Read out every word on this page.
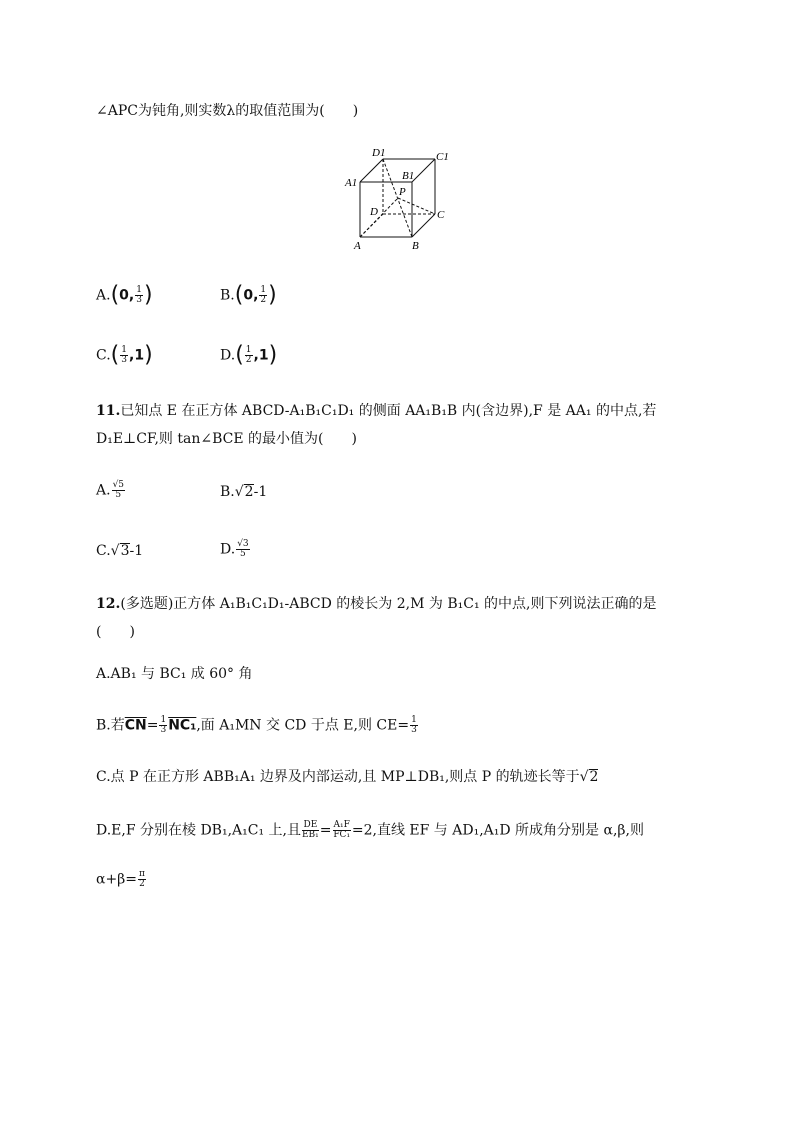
∠APC为钝角,则实数λ的取值范围为(　　)
A	B
C
D
A1
B1
C1
D1
P
A.(0, $\frac{1}{3}$ )	B.(0, $\frac{1}{2}$ )
$C.( \frac{1}{3} ,1)$	$D.( \frac{1}{2} ,1)$
11.已知点 E 在正方体 ABCD-A₁B₁C₁D₁ 的侧面 AA₁B₁B 内(含边界),F 是 AA₁ 的中点,若
D₁E⊥CF,则 tan∠BCE 的最小值为(　　)
A. $\frac{√5}{5}$	B.√2-1
C.√3-1	D. $\frac{√3}{5}$
12.(多选题)正方体 A₁B₁C₁D₁-ABCD 的棱长为 2,M 为 B₁C₁ 的中点,则下列说法正确的是
(　　)
A.AB₁ 与 BC₁ 成 60° 角
B.若$\overline{CN}= \frac{1}{3} NC_1$,面 A₁MN 交 CD 于点 E,则 $CE= \frac{1}{3}$
C.点 P 在正方形 ABB₁A₁ 边界及内部运动,且 MP⊥DB₁,则点 P 的轨迹长等于√2
D.E,F 分别在棱 DB₁,A₁C₁ 上,且 $\frac{DE}{\text{EB₁}} = \frac{\text{A₁F}}{\text{FC₁}} =2$,直线 EF 与 AD₁,A₁D 所成角分别是 α,β,则
$\alpha+\beta= \frac{\pi}{2}$
